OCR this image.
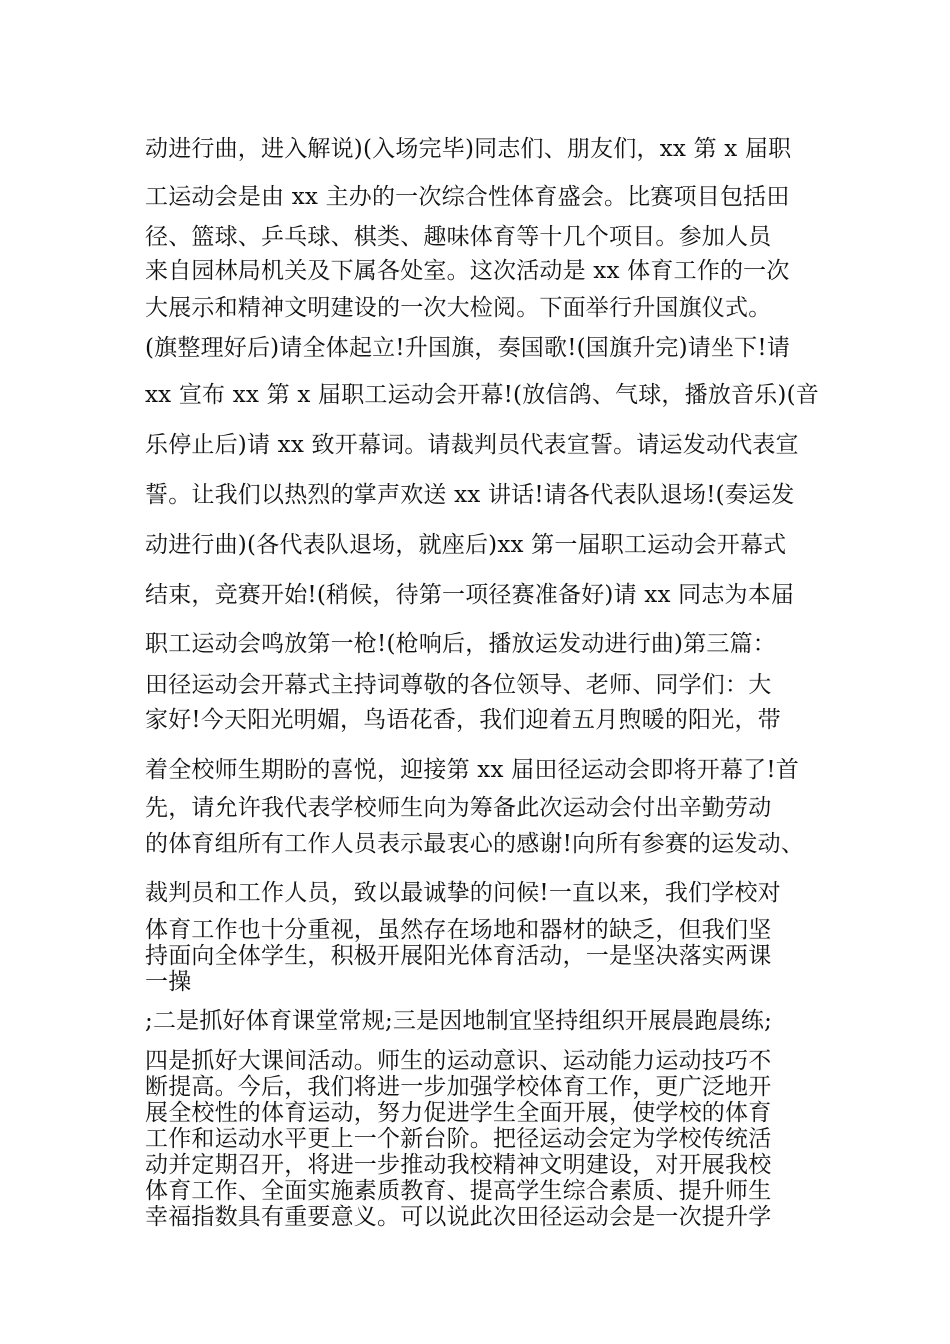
动进行曲，进入解说)(入场完毕)同志们、朋友们，xx 第 x 届职
工运动会是由 xx 主办的一次综合性体育盛会。比赛项目包括田
径、篮球、乒乓球、棋类、趣味体育等十几个项目。参加人员
来自园林局机关及下属各处室。这次活动是 xx 体育工作的一次
大展示和精神文明建设的一次大检阅。下面举行升国旗仪式。
(旗整理好后)请全体起立!升国旗，奏国歌!(国旗升完)请坐下!请
xx 宣布 xx 第 x 届职工运动会开幕!(放信鸽、气球，播放音乐)(音
乐停止后)请 xx 致开幕词。请裁判员代表宣誓。请运发动代表宣
誓。让我们以热烈的掌声欢送 xx 讲话!请各代表队退场!(奏运发
动进行曲)(各代表队退场，就座后)xx 第一届职工运动会开幕式
结束，竞赛开始!(稍候，待第一项径赛准备好)请 xx 同志为本届
职工运动会鸣放第一枪!(枪响后，播放运发动进行曲)第三篇：
田径运动会开幕式主持词尊敬的各位领导、老师、同学们：大
家好!今天阳光明媚，鸟语花香，我们迎着五月煦暖的阳光，带
着全校师生期盼的喜悦，迎接第 xx 届田径运动会即将开幕了!首
先，请允许我代表学校师生向为筹备此次运动会付出辛勤劳动
的体育组所有工作人员表示最衷心的感谢!向所有参赛的运发动、
裁判员和工作人员，致以最诚挚的问候!一直以来，我们学校对
体育工作也十分重视，虽然存在场地和器材的缺乏，但我们坚
持面向全体学生，积极开展阳光体育活动，一是坚决落实两课
一操
;二是抓好体育课堂常规;三是因地制宜坚持组织开展晨跑晨练;
四是抓好大课间活动。师生的运动意识、运动能力运动技巧不
断提高。今后，我们将进一步加强学校体育工作，更广泛地开
展全校性的体育运动，努力促进学生全面开展，使学校的体育
工作和运动水平更上一个新台阶。把径运动会定为学校传统活
动并定期召开，将进一步推动我校精神文明建设，对开展我校
体育工作、全面实施素质教育、提高学生综合素质、提升师生
幸福指数具有重要意义。可以说此次田径运动会是一次提升学
